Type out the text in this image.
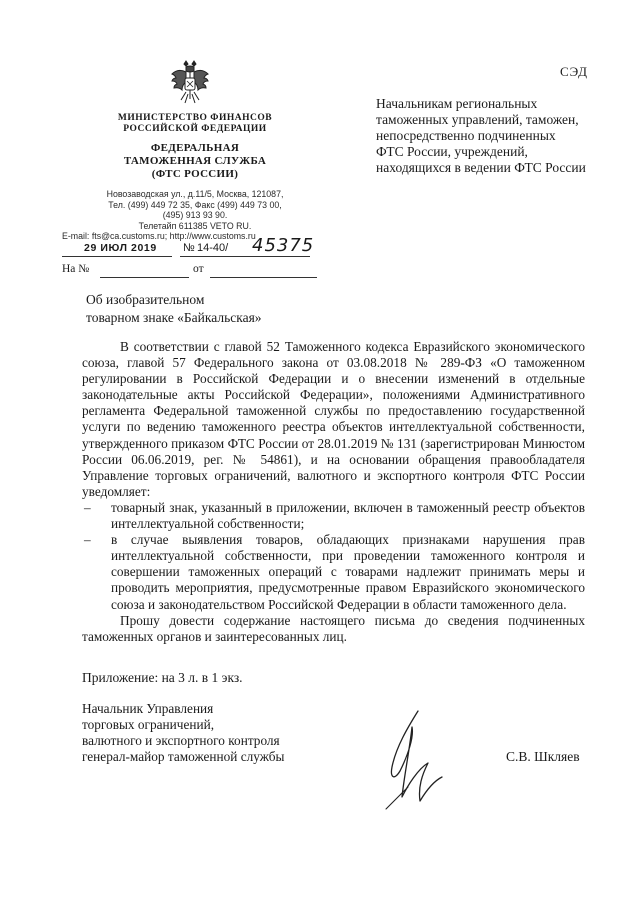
СЭД
МИНИСТЕРСТВО ФИНАНСОВ
РОССИЙСКОЙ ФЕДЕРАЦИИ
ФЕДЕРАЛЬНАЯ
ТАМОЖЕННАЯ СЛУЖБА
(ФТС РОССИИ)
Новозаводская ул., д.11/5, Москва, 121087,
Тел. (499) 449 72 35, Факс (499) 449 73 00,
(495) 913 93 90.
Телетайп 611385 VETO RU.
E-mail: fts@ca.customs.ru; http://www.customs.ru
29 ИЮЛ 2019 № 14-40/ 45375
На №	от
Об изобразительном
товарном знаке «Байкальская»
Начальникам региональных таможенных управлений, таможен, непосредственно подчиненных ФТС России, учреждений, находящихся в ведении ФТС России

В соответствии с главой 52 Таможенного кодекса Евразийского экономического союза, главой 57 Федерального закона от 03.08.2018 № 289-ФЗ «О таможенном регулировании в Российской Федерации и о внесении изменений в отдельные законодательные акты Российской Федерации», положениями Административного регламента Федеральной таможенной службы по предоставлению государственной услуги по ведению таможенного реестра объектов интеллектуальной собственности, утвержденного приказом ФТС России от 28.01.2019 № 131 (зарегистрирован Минюстом России 06.06.2019, рег. № 54861), и на основании обращения правообладателя Управление торговых ограничений, валютного и экспортного контроля ФТС России уведомляет:

– товарный знак, указанный в приложении, включен в таможенный реестр объектов интеллектуальной собственности;

– в случае выявления товаров, обладающих признаками нарушения прав интеллектуальной собственности, при проведении таможенного контроля и совершении таможенных операций с товарами надлежит принимать меры и проводить мероприятия, предусмотренные правом Евразийского экономического союза и законодательством Российской Федерации в области таможенного дела.

Прошу довести содержание настоящего письма до сведения подчиненных таможенных органов и заинтересованных лиц.

Приложение: на 3 л. в 1 экз.
Начальник Управления
торговых ограничений,
валютного и экспортного контроля
генерал-майор таможенной службы	С.В. Шкляев
